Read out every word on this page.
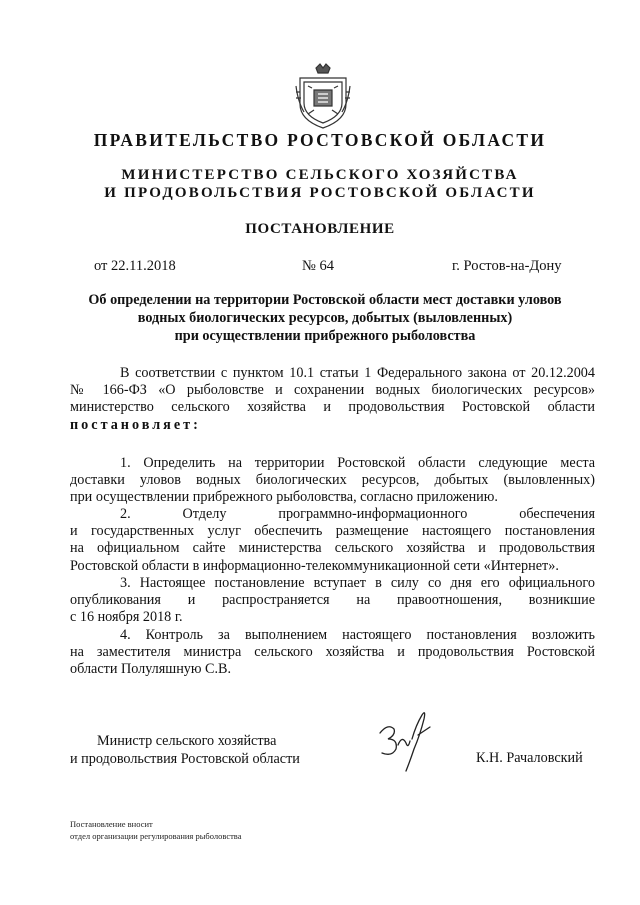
ПРАВИТЕЛЬСТВО РОСТОВСКОЙ ОБЛАСТИ
МИНИСТЕРСТВО СЕЛЬСКОГО ХОЗЯЙСТВА
И ПРОДОВОЛЬСТВИЯ РОСТОВСКОЙ ОБЛАСТИ
ПОСТАНОВЛЕНИЕ
от 22.11.2018	№ 64	г. Ростов-на-Дону
Об определении на территории Ростовской области мест доставки уловов
водных биологических ресурсов, добытых (выловленных)
при осуществлении прибрежного рыболовства
В соответствии с пунктом 10.1 статьи 1 Федерального закона от 20.12.2004
№ 166-ФЗ «О рыболовстве и сохранении водных биологических ресурсов»
министерство сельского хозяйства и продовольствия Ростовской области
постановляет:
1. Определить на территории Ростовской области следующие места
доставки уловов водных биологических ресурсов, добытых (выловленных)
при осуществлении прибрежного рыболовства, согласно приложению.
2. Отделу программно-информационного обеспечения
и государственных услуг обеспечить размещение настоящего постановления
на официальном сайте министерства сельского хозяйства и продовольствия
Ростовской области в информационно-телекоммуникационной сети «Интернет».
3. Настоящее постановление вступает в силу со дня его официального
опубликования и распространяется на правоотношения, возникшие
с 16 ноября 2018 г.
4. Контроль за выполнением настоящего постановления возложить
на заместителя министра сельского хозяйства и продовольствия Ростовской
области Полуляшную С.В.
Министр сельского хозяйства
и продовольствия Ростовской области	К.Н. Рачаловский
Постановление вносит
отдел организации регулирования рыболовства
